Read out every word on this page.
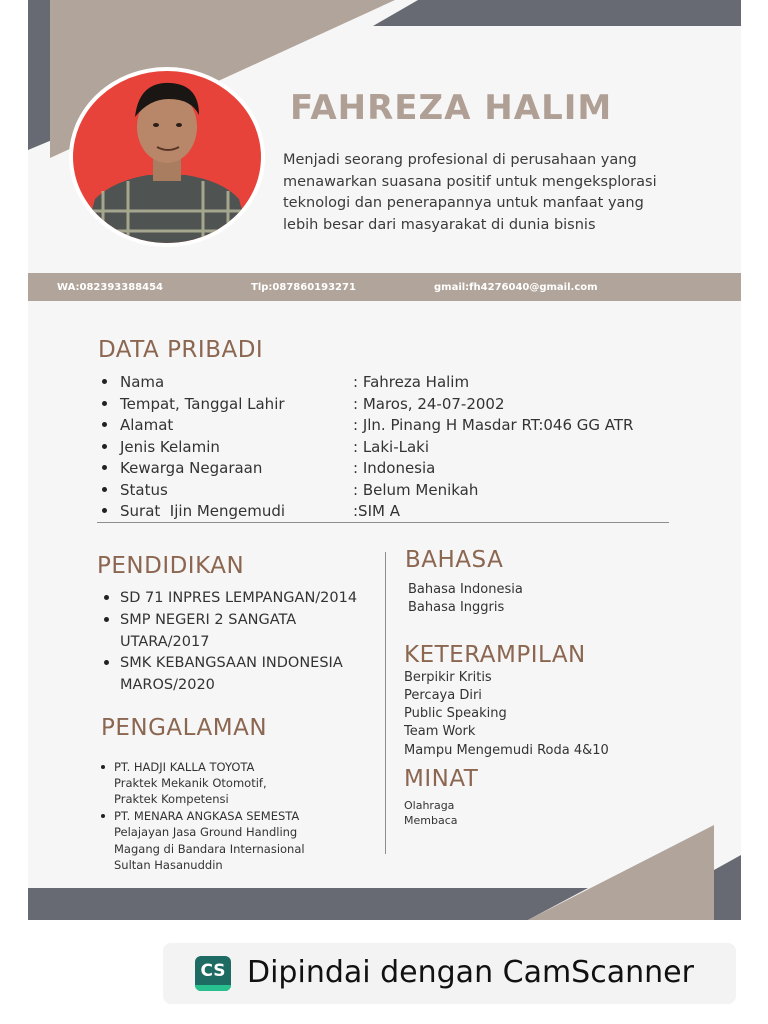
FAHREZA HALIM
Menjadi seorang profesional di perusahaan yang menawarkan suasana positif untuk mengeksplorasi teknologi dan penerapannya untuk manfaat yang lebih besar dari masyarakat di dunia bisnis
WA:082393388454	Tlp:087860193271	gmail:fh4276040@gmail.com
DATA PRIBADI
Nama	: Fahreza Halim
Tempat, Tanggal Lahir	: Maros, 24-07-2002
Alamat	: Jln. Pinang H Masdar RT:046 GG ATR
Jenis Kelamin	: Laki-Laki
Kewarga Negaraan	: Indonesia
Status	: Belum Menikah
Surat  Ijin Mengemudi	:SIM A
PENDIDIKAN
SD 71 INPRES LEMPANGAN/2014
SMP NEGERI 2 SANGATA UTARA/2017
SMK KEBANGSAAN INDONESIA MAROS/2020
PENGALAMAN
PT. HADJI KALLA TOYOTA
Praktek Mekanik Otomotif,
Praktek Kompetensi
PT. MENARA ANGKASA SEMESTA
Pelajayan Jasa Ground Handling
Magang di Bandara Internasional
Sultan Hasanuddin
BAHASA
Bahasa Indonesia
Bahasa Inggris
KETERAMPILAN
Berpikir Kritis
Percaya Diri
Public Speaking
Team Work
Mampu Mengemudi Roda 4&10
MINAT
Olahraga
Membaca
CS Dipindai dengan CamScanner
